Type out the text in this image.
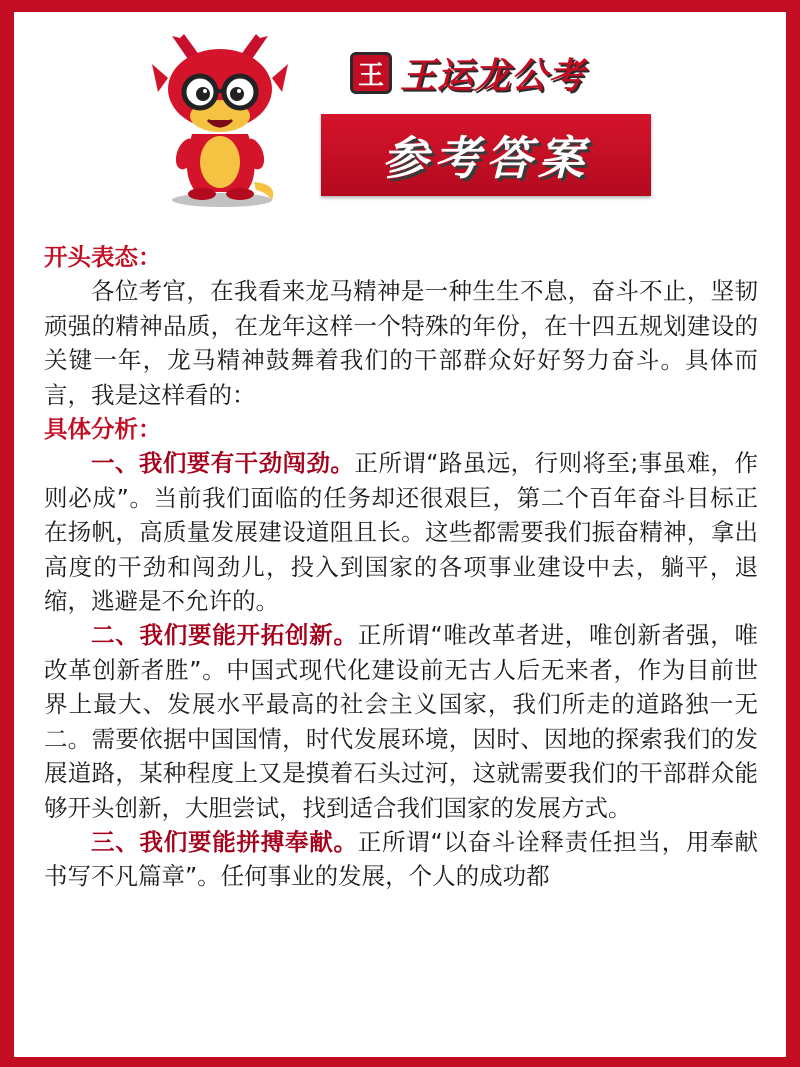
王 王运龙公考
参考答案
开头表态：

各位考官，在我看来龙马精神是一种生生不息，奋斗不止，坚韧顽强的精神品质，在龙年这样一个特殊的年份，在十四五规划建设的关键一年，龙马精神鼓舞着我们的干部群众好好努力奋斗。具体而言，我是这样看的：

具体分析：

一、我们要有干劲闯劲。正所谓“路虽远，行则将至;事虽难，作则必成”。当前我们面临的任务却还很艰巨，第二个百年奋斗目标正在扬帆，高质量发展建设道阻且长。这些都需要我们振奋精神，拿出高度的干劲和闯劲儿，投入到国家的各项事业建设中去，躺平，退缩，逃避是不允许的。

二、我们要能开拓创新。正所谓“唯改革者进，唯创新者强，唯改革创新者胜”。中国式现代化建设前无古人后无来者，作为目前世界上最大、发展水平最高的社会主义国家，我们所走的道路独一无二。需要依据中国国情，时代发展环境，因时、因地的探索我们的发展道路，某种程度上又是摸着石头过河，这就需要我们的干部群众能够开头创新，大胆尝试，找到适合我们国家的发展方式。

三、我们要能拼搏奉献。正所谓“以奋斗诠释责任担当，用奉献书写不凡篇章”。任何事业的发展，个人的成功都
